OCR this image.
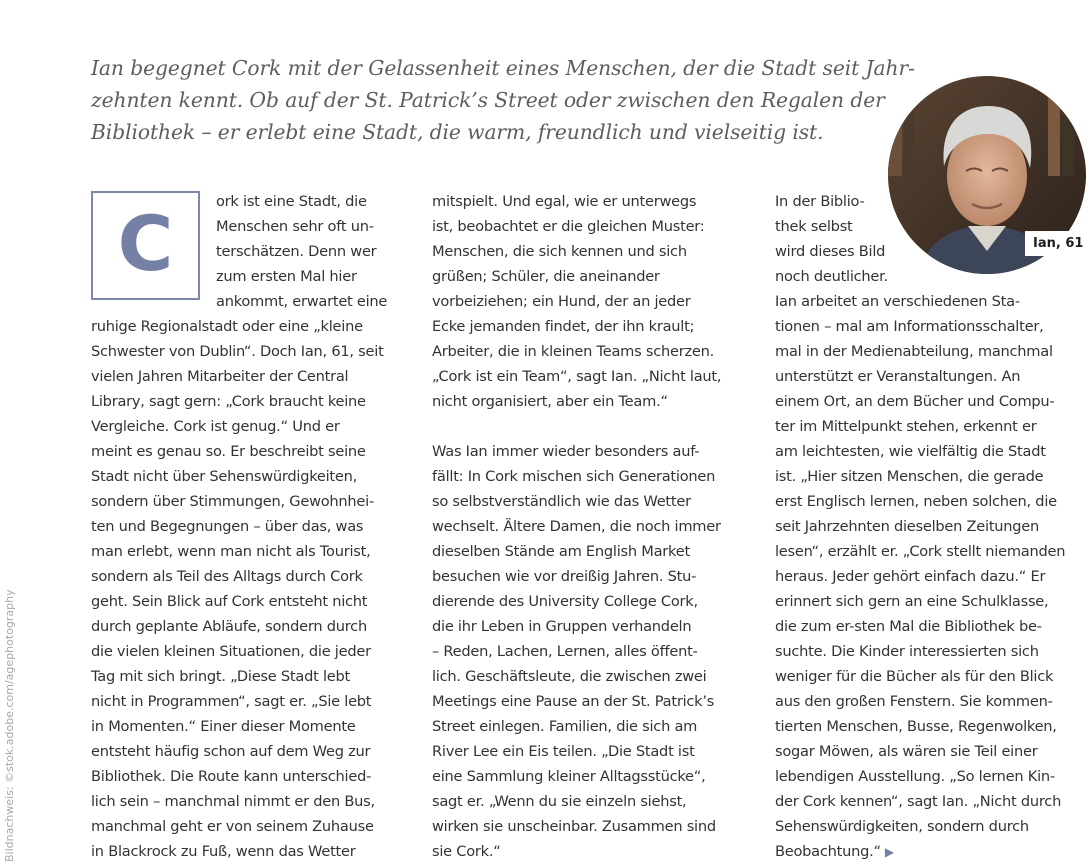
Bildnachweis: ©stok.adobe.com/agephotography
Ian begegnet Cork mit der Gelassenheit eines Menschen, der die Stadt seit Jahr-
zehnten kennt. Ob auf der St. Patrick’s Street oder zwischen den Regalen der
Bibliothek – er erlebt eine Stadt, die warm, freundlich und vielseitig ist.
Ian, 61
C	ork ist eine Stadt, die
Menschen sehr oft un-
terschätzen. Denn wer
zum ersten Mal hier
ankommt, erwartet eine
ruhige Regionalstadt oder eine „kleine
Schwester von Dublin“. Doch Ian, 61, seit
vielen Jahren Mitarbeiter der Central
Library, sagt gern: „Cork braucht keine
Vergleiche. Cork ist genug.“ Und er
meint es genau so. Er beschreibt seine
Stadt nicht über Sehenswürdigkeiten,
sondern über Stimmungen, Gewohnhei-
ten und Begegnungen – über das, was
man erlebt, wenn man nicht als Tourist,
sondern als Teil des Alltags durch Cork
geht. Sein Blick auf Cork entsteht nicht
durch geplante Abläufe, sondern durch
die vielen kleinen Situationen, die jeder
Tag mit sich bringt. „Diese Stadt lebt
nicht in Programmen“, sagt er. „Sie lebt
in Momenten.“ Einer dieser Momente
entsteht häufig schon auf dem Weg zur
Bibliothek. Die Route kann unterschied-
lich sein – manchmal nimmt er den Bus,
manchmal geht er von seinem Zuhause
in Blackrock zu Fuß, wenn das Wetter
mitspielt. Und egal, wie er unterwegs
ist, beobachtet er die gleichen Muster:
Menschen, die sich kennen und sich
grüßen; Schüler, die aneinander
vorbeiziehen; ein Hund, der an jeder
Ecke jemanden findet, der ihn krault;
Arbeiter, die in kleinen Teams scherzen.
„Cork ist ein Team“, sagt Ian. „Nicht laut,
nicht organisiert, aber ein Team.“
Was Ian immer wieder besonders auf-
fällt: In Cork mischen sich Generationen
so selbstverständlich wie das Wetter
wechselt. Ältere Damen, die noch immer
dieselben Stände am English Market
besuchen wie vor dreißig Jahren. Stu-
dierende des University College Cork,
die ihr Leben in Gruppen verhandeln
– Reden, Lachen, Lernen, alles öffent-
lich. Geschäftsleute, die zwischen zwei
Meetings eine Pause an der St. Patrick’s
Street einlegen. Familien, die sich am
River Lee ein Eis teilen. „Die Stadt ist
eine Sammlung kleiner Alltagsstücke“,
sagt er. „Wenn du sie einzeln siehst,
wirken sie unscheinbar. Zusammen sind
sie Cork.“
In der Biblio-
thek selbst
wird dieses Bild
noch deutlicher.
Ian arbeitet an verschiedenen Sta-
tionen – mal am Informationsschalter,
mal in der Medienabteilung, manchmal
unterstützt er Veranstaltungen. An
einem Ort, an dem Bücher und Compu-
ter im Mittelpunkt stehen, erkennt er
am leichtesten, wie vielfältig die Stadt
ist. „Hier sitzen Menschen, die gerade
erst Englisch lernen, neben solchen, die
seit Jahrzehnten dieselben Zeitungen
lesen“, erzählt er. „Cork stellt niemanden
heraus. Jeder gehört einfach dazu.“ Er
erinnert sich gern an eine Schulklasse,
die zum er-sten Mal die Bibliothek be-
suchte. Die Kinder interessierten sich
weniger für die Bücher als für den Blick
aus den großen Fenstern. Sie kommen-
tierten Menschen, Busse, Regenwolken,
sogar Möwen, als wären sie Teil einer
lebendigen Ausstellung. „So lernen Kin-
der Cork kennen“, sagt Ian. „Nicht durch
Sehenswürdigkeiten, sondern durch
Beobachtung.“ ▶
